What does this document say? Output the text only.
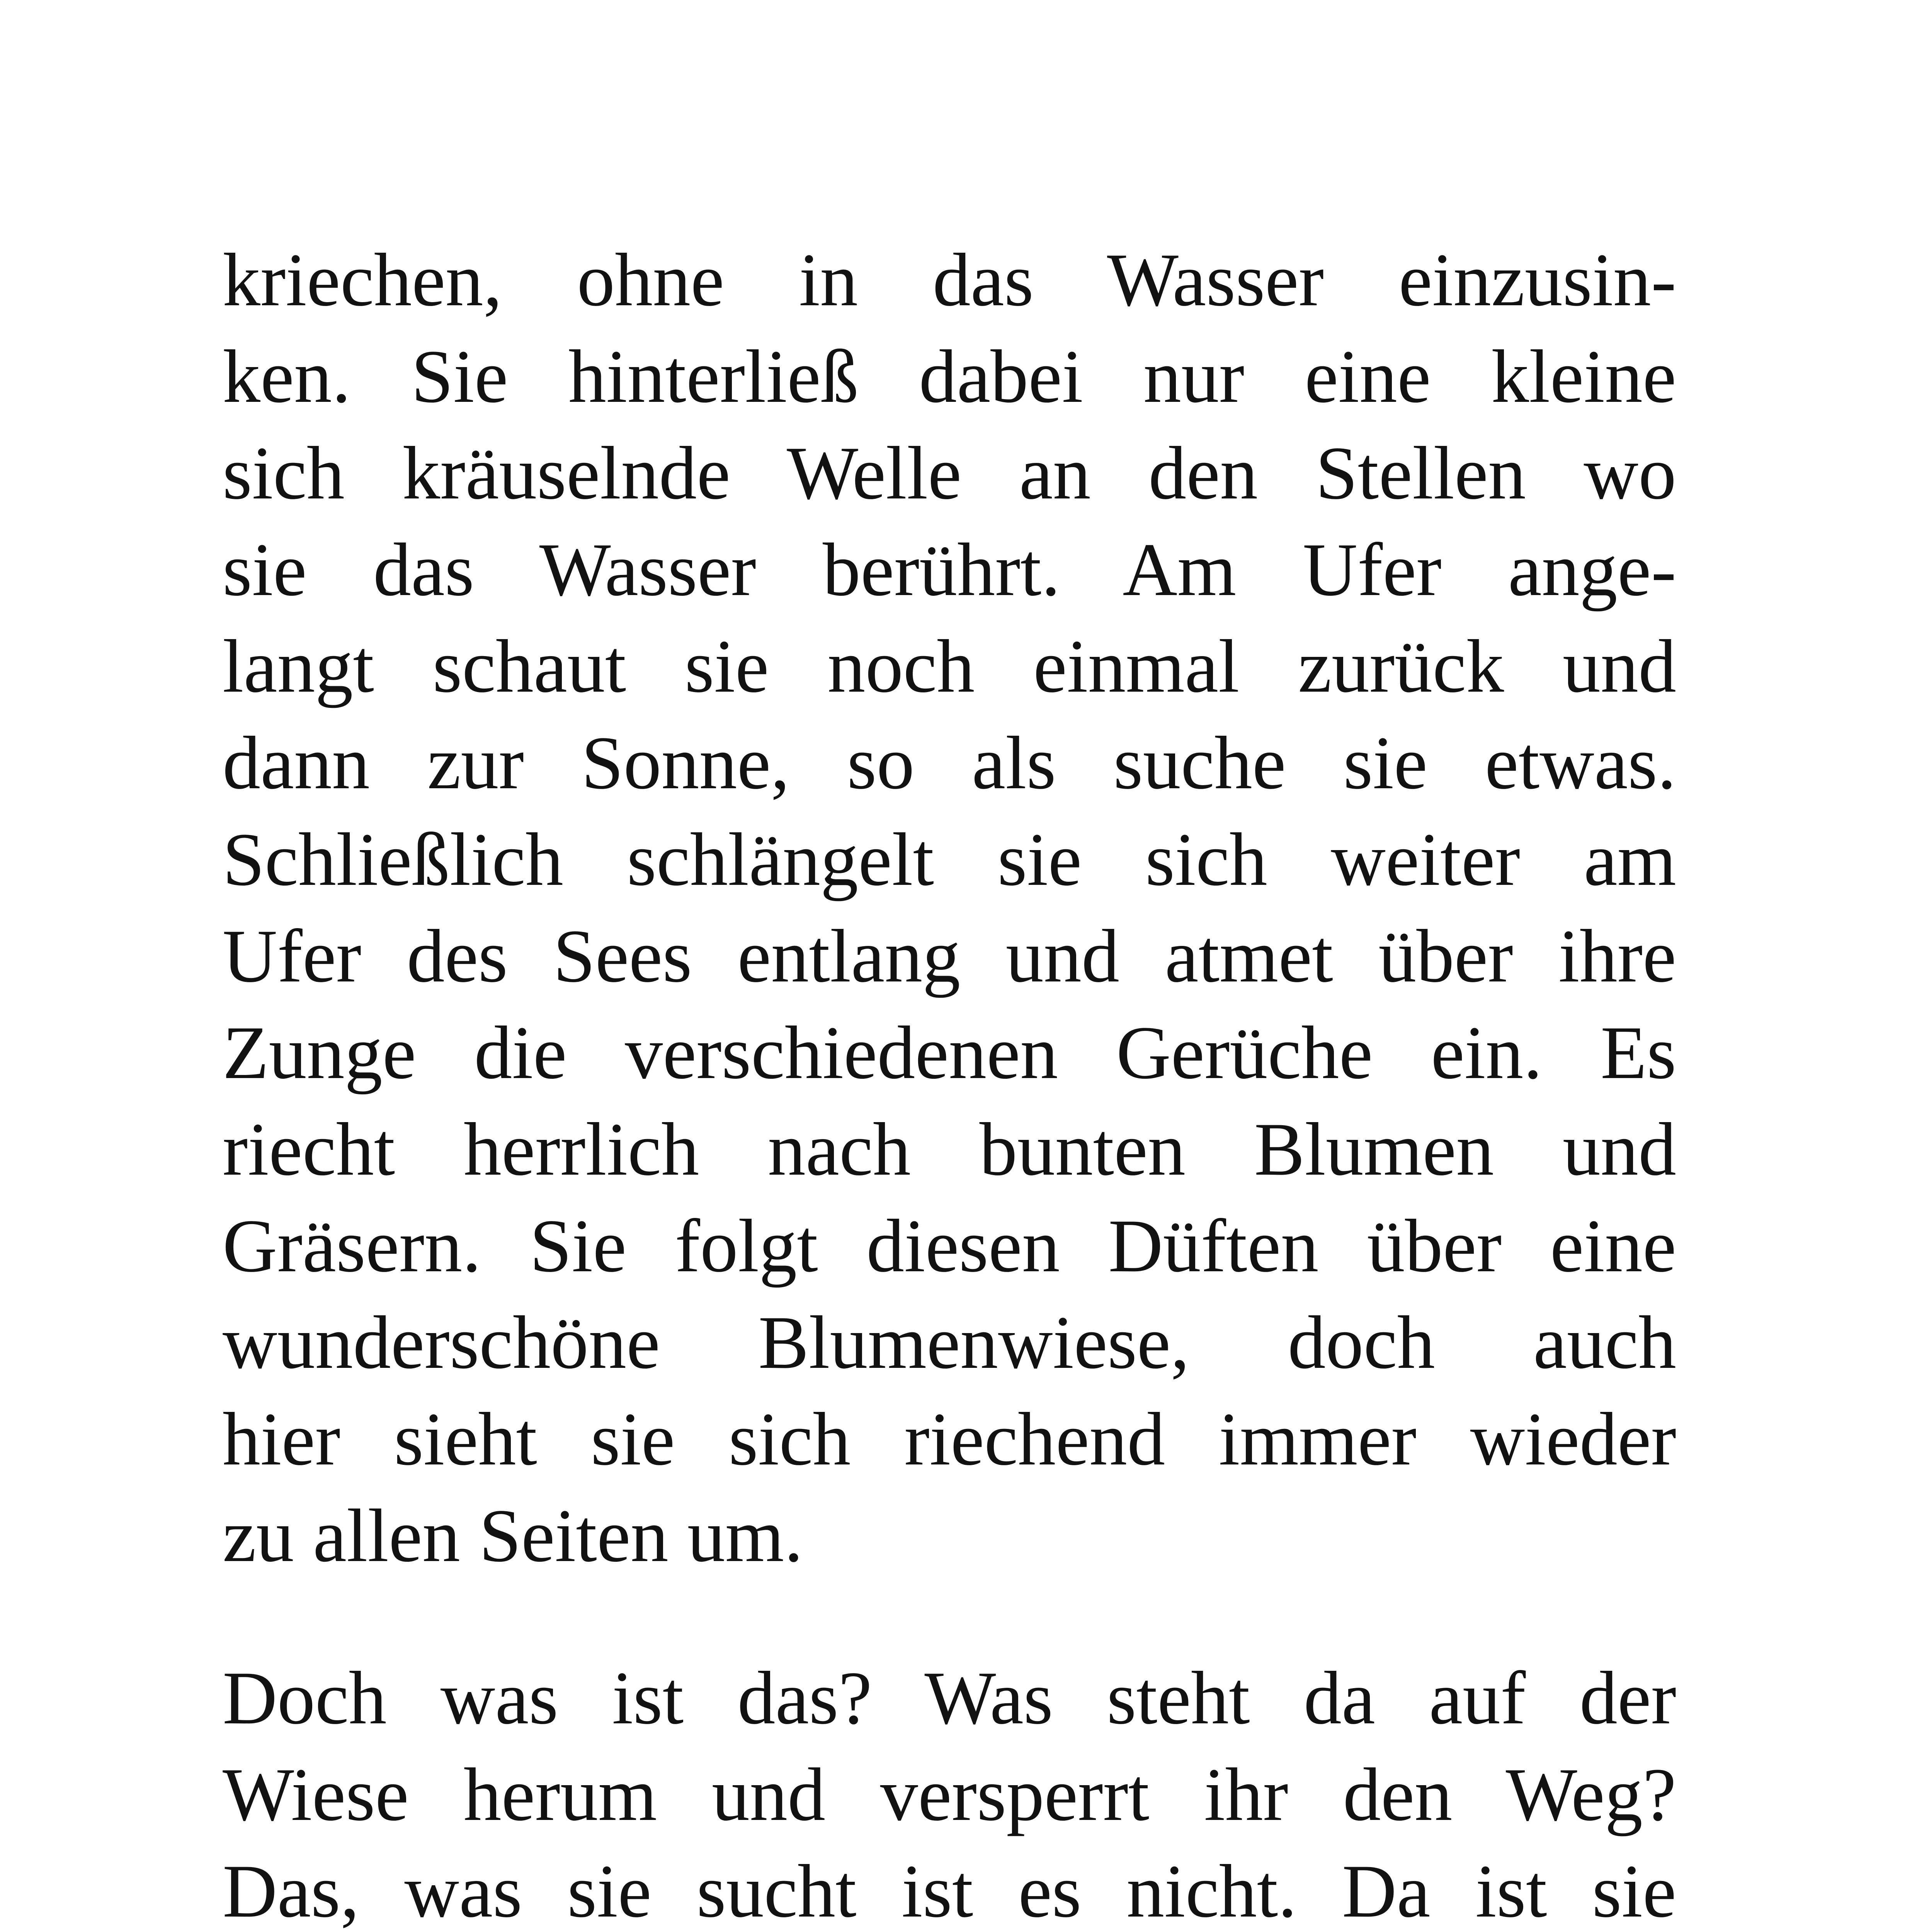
kriechen, ohne in das Wasser einzusin-
ken. Sie hinterließ dabei nur eine kleine
sich kräuselnde Welle an den Stellen wo
sie das Wasser berührt. Am Ufer ange-
langt schaut sie noch einmal zurück und
dann zur Sonne, so als suche sie etwas.
Schließlich schlängelt sie sich weiter am
Ufer des Sees entlang und atmet über ihre
Zunge die verschiedenen Gerüche ein. Es
riecht herrlich nach bunten Blumen und
Gräsern. Sie folgt diesen Düften über eine
wunderschöne Blumenwiese, doch auch
hier sieht sie sich riechend immer wieder
zu allen Seiten um.

Doch was ist das? Was steht da auf der
Wiese herum und versperrt ihr den Weg?
Das, was sie sucht ist es nicht. Da ist sie
